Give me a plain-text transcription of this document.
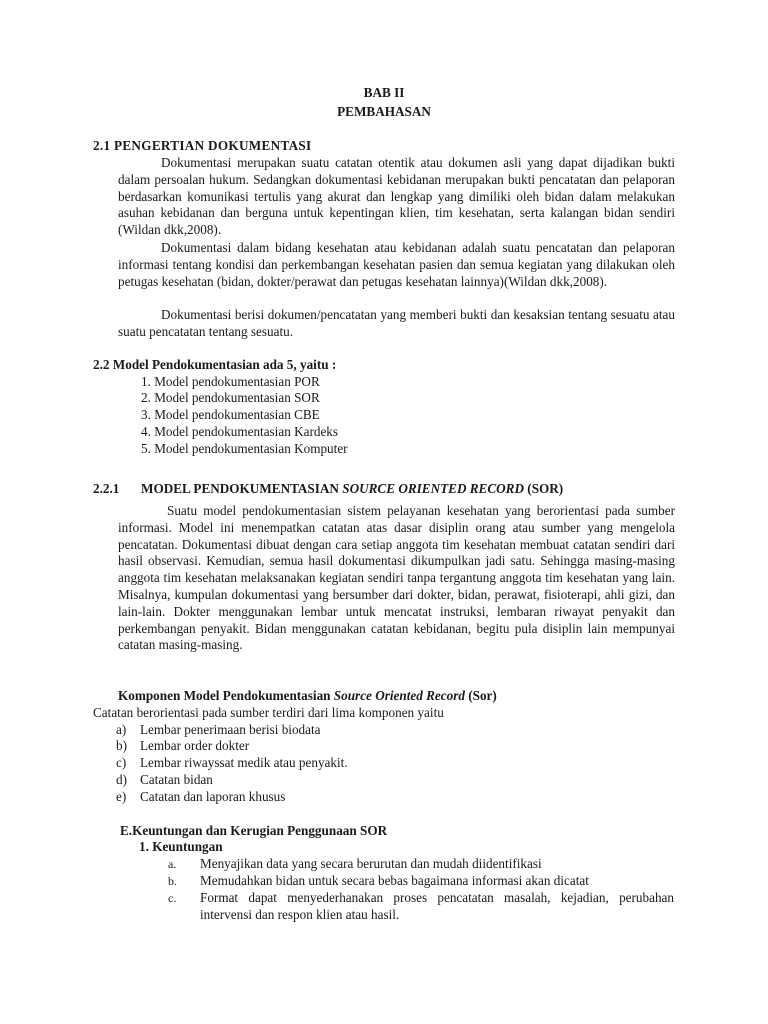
BAB II
PEMBAHASAN
2.1 PENGERTIAN DOKUMENTASI
Dokumentasi merupakan suatu catatan otentik atau dokumen asli yang dapat dijadikan bukti dalam persoalan hukum. Sedangkan dokumentasi kebidanan merupakan bukti pencatatan dan pelaporan berdasarkan komunikasi tertulis yang akurat dan lengkap yang dimiliki oleh bidan dalam melakukan asuhan kebidanan dan berguna untuk kepentingan klien, tim kesehatan, serta kalangan bidan sendiri (Wildan dkk,2008).
Dokumentasi dalam bidang kesehatan atau kebidanan adalah suatu pencatatan dan pelaporan informasi tentang kondisi dan perkembangan kesehatan pasien dan semua kegiatan yang dilakukan oleh petugas kesehatan (bidan, dokter/perawat dan petugas kesehatan lainnya)(Wildan dkk,2008).
Dokumentasi berisi dokumen/pencatatan yang memberi bukti dan kesaksian tentang sesuatu atau suatu pencatatan tentang sesuatu.
2.2 Model Pendokumentasian ada 5, yaitu :
1. Model pendokumentasian POR
2. Model pendokumentasian SOR
3. Model pendokumentasian CBE
4. Model pendokumentasian Kardeks
5. Model pendokumentasian Komputer
2.2.1 MODEL PENDOKUMENTASIAN SOURCE ORIENTED RECORD (SOR)
Suatu model pendokumentasian sistem pelayanan kesehatan yang berorientasi pada sumber informasi. Model ini menempatkan catatan atas dasar disiplin orang atau sumber yang mengelola pencatatan. Dokumentasi dibuat dengan cara setiap anggota tim kesehatan membuat catatan sendiri dari hasil observasi. Kemudian, semua hasil dokumentasi dikumpulkan jadi satu. Sehingga masing-masing anggota tim kesehatan melaksanakan kegiatan sendiri tanpa tergantung anggota tim kesehatan yang lain. Misalnya, kumpulan dokumentasi yang bersumber dari dokter, bidan, perawat, fisioterapi, ahli gizi, dan lain-lain. Dokter menggunakan lembar untuk mencatat instruksi, lembaran riwayat penyakit dan perkembangan penyakit. Bidan menggunakan catatan kebidanan, begitu pula disiplin lain mempunyai catatan masing-masing.
Komponen Model Pendokumentasian Source Oriented Record (Sor)
Catatan berorientasi pada sumber terdiri dari lima komponen yaitu
a) Lembar penerimaan berisi biodata
b) Lembar order dokter
c) Lembar riwayssat medik atau penyakit.
d) Catatan bidan
e) Catatan dan laporan khusus
E.Keuntungan dan Kerugian Penggunaan SOR
1. Keuntungan
a. Menyajikan data yang secara berurutan dan mudah diidentifikasi
b. Memudahkan bidan untuk secara bebas bagaimana informasi akan dicatat
c. Format dapat menyederhanakan proses pencatatan masalah, kejadian, perubahan intervensi dan respon klien atau hasil.
